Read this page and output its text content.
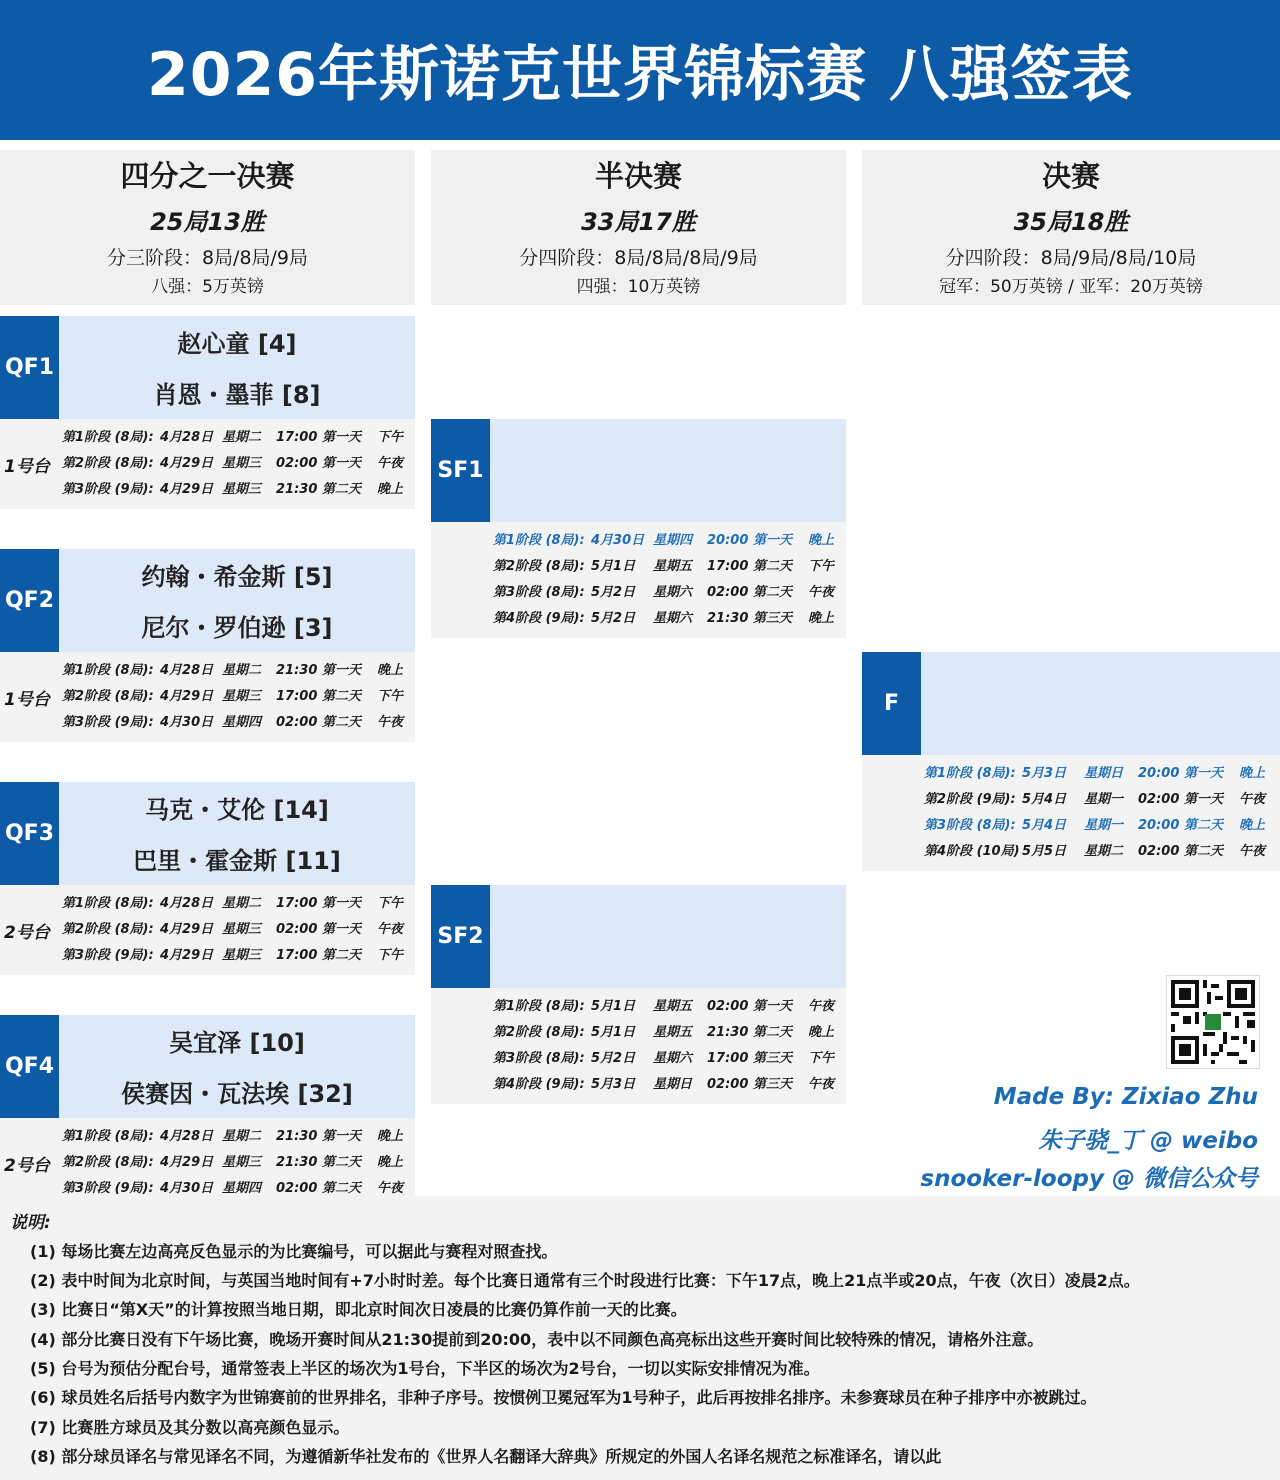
2026年斯诺克世界锦标赛 八强签表
四分之一决赛
25局13胜
分三阶段：8局/8局/9局
八强：5万英镑
半决赛
33局17胜
分四阶段：8局/8局/8局/9局
四强：10万英镑
决赛
35局18胜
分四阶段：8局/9局/8局/10局
冠军：50万英镑 / 亚军：20万英镑
QF1
赵心童 [4]
肖恩・墨菲 [8]
1号台
第1阶段 (8局): 4月28日 星期二 17:00 第一天 下午
第2阶段 (8局): 4月29日 星期三 02:00 第一天 午夜
第3阶段 (9局): 4月29日 星期三 21:30 第二天 晚上
QF2
约翰・希金斯 [5]
尼尔・罗伯逊 [3]
1号台
第1阶段 (8局): 4月28日 星期二 21:30 第一天 晚上
第2阶段 (8局): 4月29日 星期三 17:00 第二天 下午
第3阶段 (9局): 4月30日 星期四 02:00 第二天 午夜
QF3
马克・艾伦 [14]
巴里・霍金斯 [11]
2号台
第1阶段 (8局): 4月28日 星期二 17:00 第一天 下午
第2阶段 (8局): 4月29日 星期三 02:00 第一天 午夜
第3阶段 (9局): 4月29日 星期三 17:00 第二天 下午
QF4
吴宜泽 [10]
侯赛因・瓦法埃 [32]
2号台
第1阶段 (8局): 4月28日 星期二 21:30 第一天 晚上
第2阶段 (8局): 4月29日 星期三 21:30 第二天 晚上
第3阶段 (9局): 4月30日 星期四 02:00 第二天 午夜
SF1
第1阶段 (8局): 4月30日 星期四 20:00 第一天 晚上
第2阶段 (8局): 5月1日 星期五 17:00 第二天 下午
第3阶段 (8局): 5月2日 星期六 02:00 第二天 午夜
第4阶段 (9局): 5月2日 星期六 21:30 第三天 晚上
SF2
第1阶段 (8局): 5月1日 星期五 02:00 第一天 午夜
第2阶段 (8局): 5月1日 星期五 21:30 第二天 晚上
第3阶段 (8局): 5月2日 星期六 17:00 第三天 下午
第4阶段 (9局): 5月3日 星期日 02:00 第三天 午夜
F
第1阶段 (8局): 5月3日 星期日 20:00 第一天 晚上
第2阶段 (9局): 5月4日 星期一 02:00 第一天 午夜
第3阶段 (8局): 5月4日 星期一 20:00 第二天 晚上
第4阶段 (10局) 5月5日 星期二 02:00 第二天 午夜
Made By: Zixiao Zhu
朱子骁_丁 @ weibo
snooker-loopy @ 微信公众号
说明:
(1) 每场比赛左边高亮反色显示的为比赛编号，可以据此与赛程对照查找。
(2) 表中时间为北京时间，与英国当地时间有+7小时时差。每个比赛日通常有三个时段进行比赛：下午17点，晚上21点半或20点，午夜（次日）凌晨2点。
(3) 比赛日“第X天”的计算按照当地日期，即北京时间次日凌晨的比赛仍算作前一天的比赛。
(4) 部分比赛日没有下午场比赛，晚场开赛时间从21:30提前到20:00，表中以不同颜色高亮标出这些开赛时间比较特殊的情况，请格外注意。
(5) 台号为预估分配台号，通常签表上半区的场次为1号台，下半区的场次为2号台，一切以实际安排情况为准。
(6) 球员姓名后括号内数字为世锦赛前的世界排名，非种子序号。按惯例卫冕冠军为1号种子，此后再按排名排序。未参赛球员在种子排序中亦被跳过。
(7) 比赛胜方球员及其分数以高亮颜色显示。
(8) 部分球员译名与常见译名不同，为遵循新华社发布的《世界人名翻译大辞典》所规定的外国人名译名规范之标准译名，请以此
